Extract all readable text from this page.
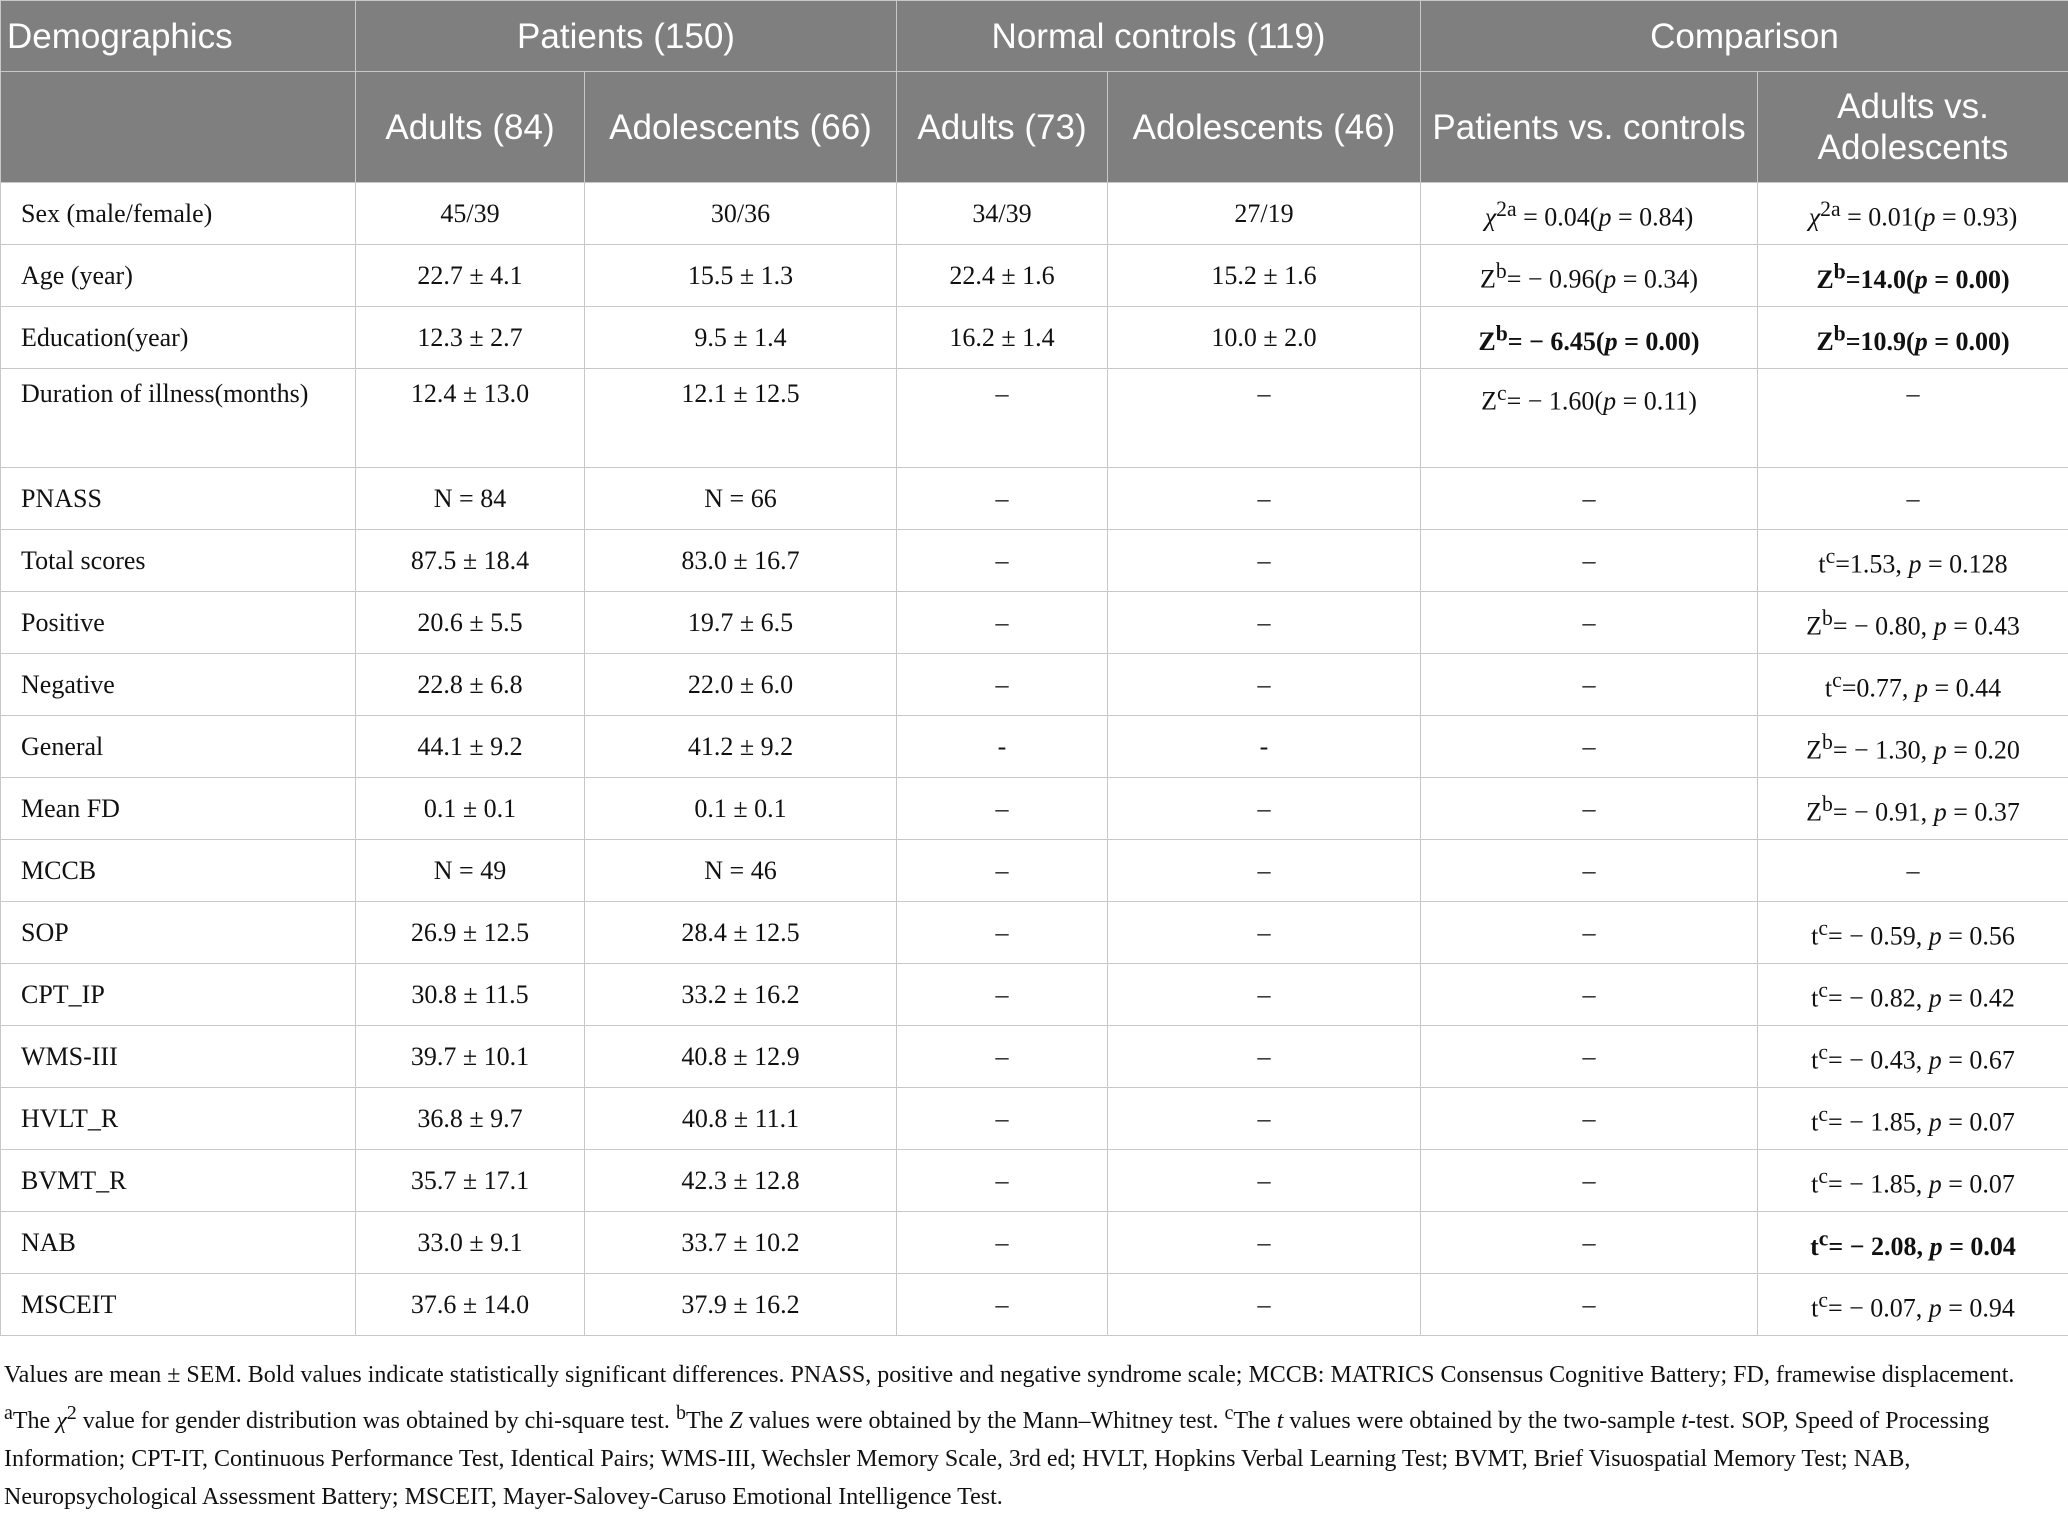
Demographics	Patients (150)		Normal controls (119)		Comparison	
	Adults (84)	Adolescents (66)	Adults (73)	Adolescents (46)	Patients vs. controls	Adults vs. Adolescents
Sex (male/female)	45/39	30/36	34/39	27/19	$\chi^{2a} = 0.04(p = 0.84)$	$\chi^{2a} = 0.01(p = 0.93)$
Age (year)	22.7 ± 4.1	15.5 ± 1.3	22.4 ± 1.6	15.2 ± 1.6	$Z^b= - 0.96(p = 0.34)$	$Z^b=14.0(p = 0.00)$
Education(year)	12.3 ± 2.7	9.5 ± 1.4	16.2 ± 1.4	10.0 ± 2.0	$Z^b= - 6.45(p = 0.00)$	$Z^b=10.9(p = 0.00)$
Duration of illness(months)	12.4 ± 13.0	12.1 ± 12.5	–	–	$Z^c= - 1.60(p = 0.11)$	–
PNASS	N = 84	N = 66	–	–	–	–
Total scores	87.5 ± 18.4	83.0 ± 16.7	–	–	–	$t^c=1.53$, p = 0.128
Positive	20.6 ± 5.5	19.7 ± 6.5	–	–	–	$Z^b= - 0.80$, p = 0.43
Negative	22.8 ± 6.8	22.0 ± 6.0	–	–	–	$t^c=0.77$, p = 0.44
General	44.1 ± 9.2	41.2 ± 9.2	-	-	–	$Z^b= - 1.30$, p = 0.20
Mean FD	0.1 ± 0.1	0.1 ± 0.1	–	–	–	$Z^b= - 0.91$, p = 0.37
MCCB	N = 49	N = 46	–	–	–	–
SOP	26.9 ± 12.5	28.4 ± 12.5	–	–	–	$t^c= - 0.59$, p = 0.56
CPT_IP	30.8 ± 11.5	33.2 ± 16.2	–	–	–	$t^c= - 0.82$, p = 0.42
WMS-III	39.7 ± 10.1	40.8 ± 12.9	–	–	–	$t^c= - 0.43$, p = 0.67
HVLT_R	36.8 ± 9.7	40.8 ± 11.1	–	–	–	$t^c= - 1.85$, p = 0.07
BVMT_R	35.7 ± 17.1	42.3 ± 12.8	–	–	–	$t^c= - 1.85$, p = 0.07
NAB	33.0 ± 9.1	33.7 ± 10.2	–	–	–	$t^c= - 2.08$, p = 0.04
MSCEIT	37.6 ± 14.0	37.9 ± 16.2	–	–	–	$t^c= - 0.07$, p = 0.94
Values are mean ± SEM. Bold values indicate statistically significant differences. PNASS, positive and negative syndrome scale; MCCB: MATRICS Consensus Cognitive Battery; FD, framewise displacement. $^a$The $\chi^2$ value for gender distribution was obtained by chi-square test. $^b$The Z values were obtained by the Mann–Whitney test. $^c$The t values were obtained by the two-sample t-test. SOP, Speed of Processing Information; CPT-IT, Continuous Performance Test, Identical Pairs; WMS-III, Wechsler Memory Scale, 3rd ed; HVLT, Hopkins Verbal Learning Test; BVMT, Brief Visuospatial Memory Test; NAB, Neuropsychological Assessment Battery; MSCEIT, Mayer-Salovey-Caruso Emotional Intelligence Test.
